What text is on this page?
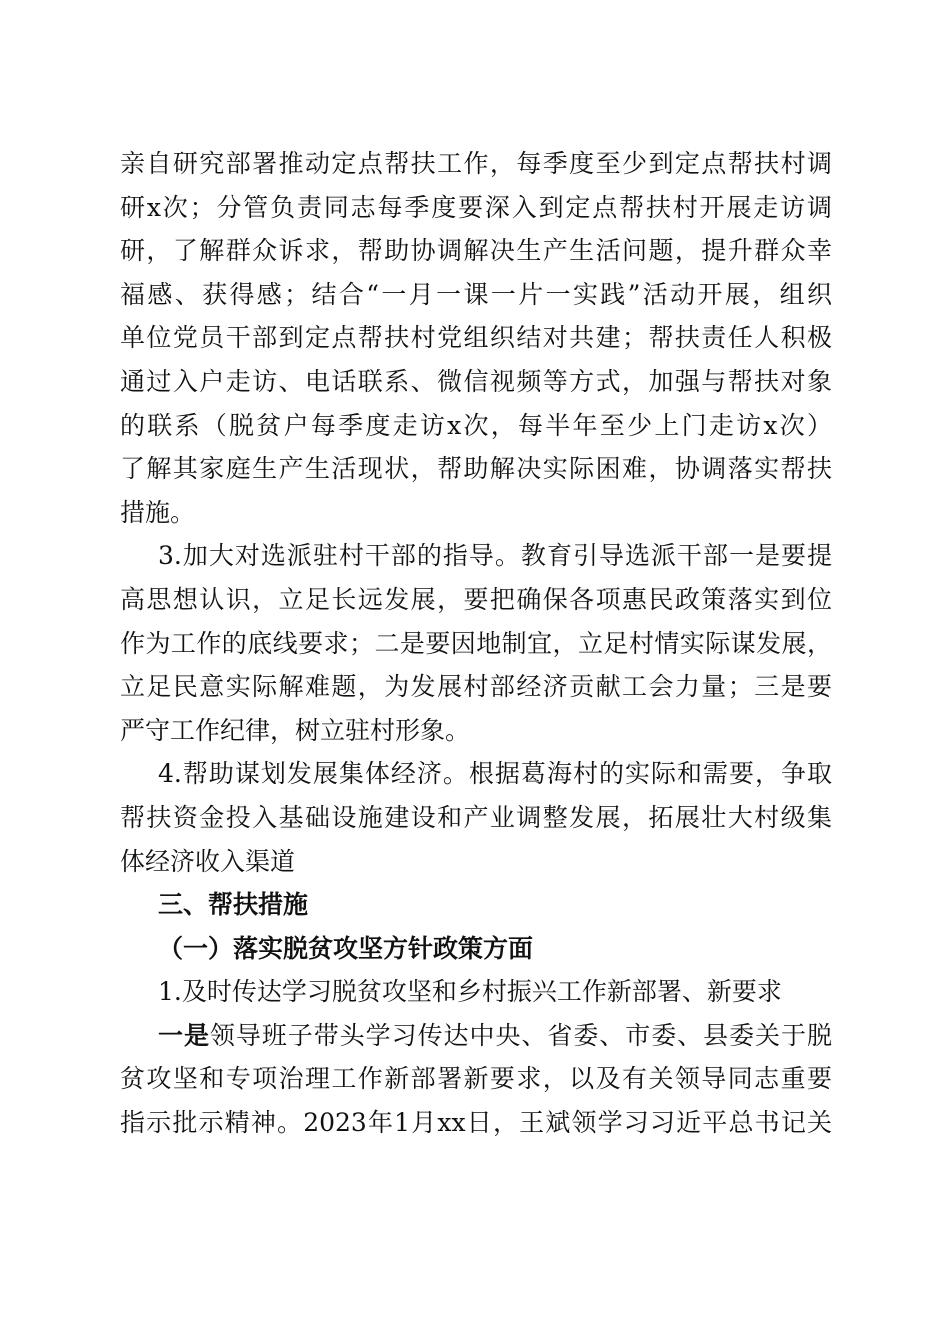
亲自研究部署推动定点帮扶工作，每季度至少到定点帮扶村调
研x次；分管负责同志每季度要深入到定点帮扶村开展走访调
研，了解群众诉求，帮助协调解决生产生活问题，提升群众幸
福感、获得感；结合“一月一课一片一实践”活动开展，组织
单位党员干部到定点帮扶村党组织结对共建；帮扶责任人积极
通过入户走访、电话联系、微信视频等方式，加强与帮扶对象
的联系（脱贫户每季度走访x次，每半年至少上门走访x次）
了解其家庭生产生活现状，帮助解决实际困难，协调落实帮扶
措施。
3.加大对选派驻村干部的指导。教育引导选派干部一是要提
高思想认识，立足长远发展，要把确保各项惠民政策落实到位
作为工作的底线要求；二是要因地制宜，立足村情实际谋发展，
立足民意实际解难题，为发展村部经济贡献工会力量；三是要
严守工作纪律，树立驻村形象。
4.帮助谋划发展集体经济。根据葛海村的实际和需要，争取
帮扶资金投入基础设施建设和产业调整发展，拓展壮大村级集
体经济收入渠道
三、帮扶措施
（一）落实脱贫攻坚方针政策方面
1.及时传达学习脱贫攻坚和乡村振兴工作新部署、新要求
一是领导班子带头学习传达中央、省委、市委、县委关于脱
贫攻坚和专项治理工作新部署新要求，以及有关领导同志重要
指示批示精神。2023年1月xx日，王斌领学习习近平总书记关
